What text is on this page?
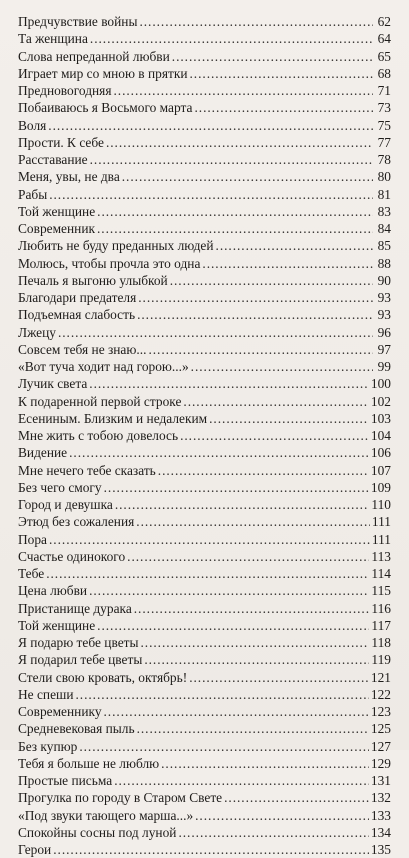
Предчувствие войны . . .	62
Та женщина . . .	64
Слова непреданной любви . . .	65
Играет мир со мною в прятки . . .	68
Предновогодняя . . .	71
Побаиваюсь я Восьмого марта . . .	73
Воля . . .	75
Прости. К себе . . .	77
Расставание . . .	78
Меня, увы, не два . . .	80
Рабы . . .	81
Той женщине . . .	83
Современник . . .	84
Любить не буду преданных людей . . .	85
Молюсь, чтобы прочла это одна . . .	88
Печаль я выгоню улыбкой . . .	90
Благодари предателя . . .	93
Подъемная слабость . . .	93
Лжецу . . .	96
Совсем тебя не знаю... . . .	97
«Вот туча ходит над горою...» . . .	99
Лучик света . . .	100
К подаренной первой строке . . .	102
Есениным. Близким и недалеким . . .	103
Мне жить с тобою довелось . . .	104
Видение . . .	106
Мне нечего тебе сказать . . .	107
Без чего смогу . . .	109
Город и девушка . . .	110
Этюд без сожаления . . .	111
Пора . . .	111
Счастье одинокого . . .	113
Тебе . . .	114
Цена любви . . .	115
Пристанище дурака . . .	116
Той женщине . . .	117
Я подарю тебе цветы . . .	118
Я подарил тебе цветы . . .	119
Стели свою кровать, октябрь! . . .	121
Не спеши . . .	122
Современнику . . .	123
Средневековая пыль . . .	125
Без купюр . . .	127
Тебя я больше не люблю . . .	129
Простые письма . . .	131
Прогулка по городу в Старом Свете . . .	132
«Под звуки тающего марша...» . . .	133
Спокойны сосны под луной . . .	134
Герои . . .	135
